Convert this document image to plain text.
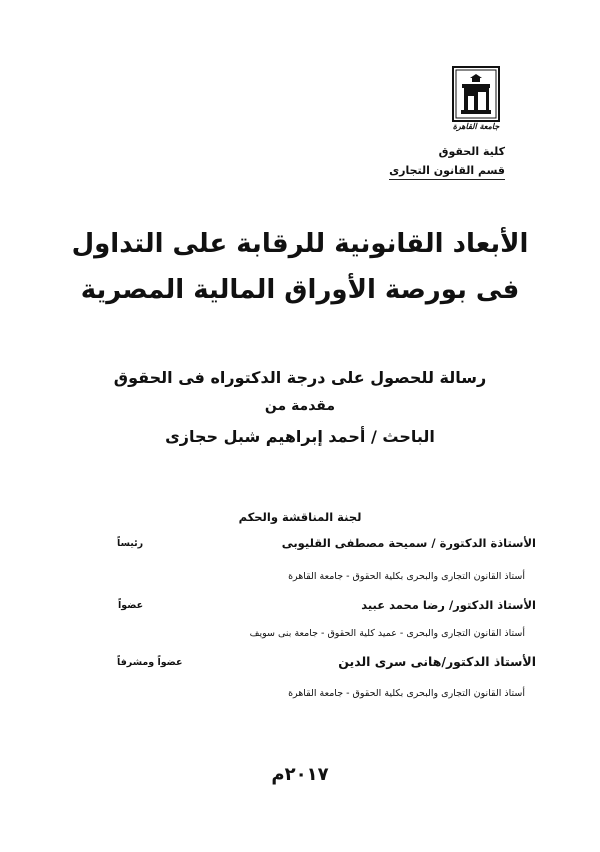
جامعة القاهرة
كلية الحقوق
قسم القانون التجارى
الأبعاد القانونية للرقابة على التداول
فى بورصة الأوراق المالية المصرية
رسالة للحصول على درجة الدكتوراه فى الحقوق
مقدمة من
الباحث / أحمد إبراهيم شبل حجازى
لجنة المناقشة والحكم
الأستاذة الدكتورة / سميحة مصطفى القليوبى
رئيساً
أستاذ القانون التجارى والبحرى بكلية الحقوق - جامعة القاهرة
الأستاذ الدكتور/ رضا محمد عبيد
عضواً
أستاذ القانون التجارى والبحرى - عميد كلية الحقوق - جامعة بنى سويف
الأستاذ الدكتور/هانى سرى الدين
عضواً ومشرفاً
أستاذ القانون التجارى والبحرى بكلية الحقوق - جامعة القاهرة
٢٠١٧م
